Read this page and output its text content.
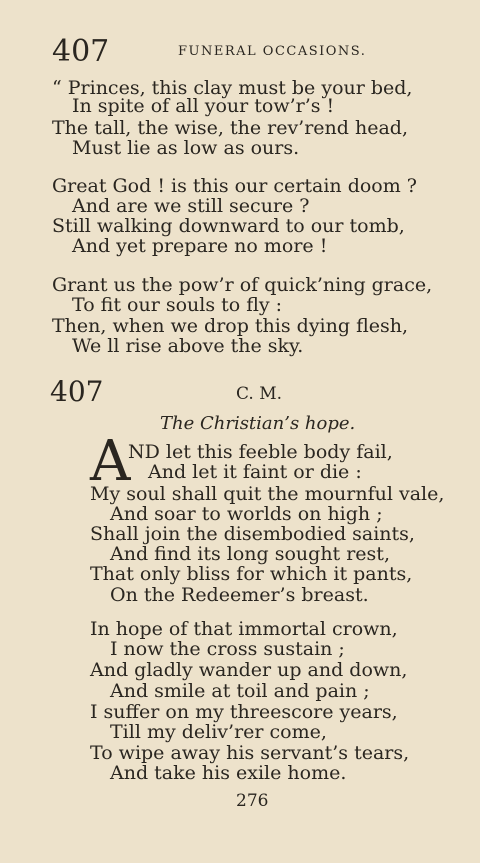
407	FUNERAL OCCASIONS.
“ Princes, this clay must be your bed,
In spite of all your tow’r’s !
The tall, the wise, the rev’rend head,
Must lie as low as ours.
Great God ! is this our certain doom ?
And are we still secure ?
Still walking downward to our tomb,
And yet prepare no more !
Grant us the pow’r of quick’ning grace,
To fit our souls to fly :
Then, when we drop this dying flesh,
We ll rise above the sky.
407	C. M.
The Christian’s hope.
A
ND let this feeble body fail,
And let it faint or die :
My soul shall quit the mournful vale,
And soar to worlds on high ;
Shall join the disembodied saints,
And find its long sought rest,
That only bliss for which it pants,
On the Redeemer’s breast.
In hope of that immortal crown,
I now the cross sustain ;
And gladly wander up and down,
And smile at toil and pain ;
I suffer on my threescore years,
Till my deliv’rer come,
To wipe away his servant’s tears,
And take his exile home.
276
